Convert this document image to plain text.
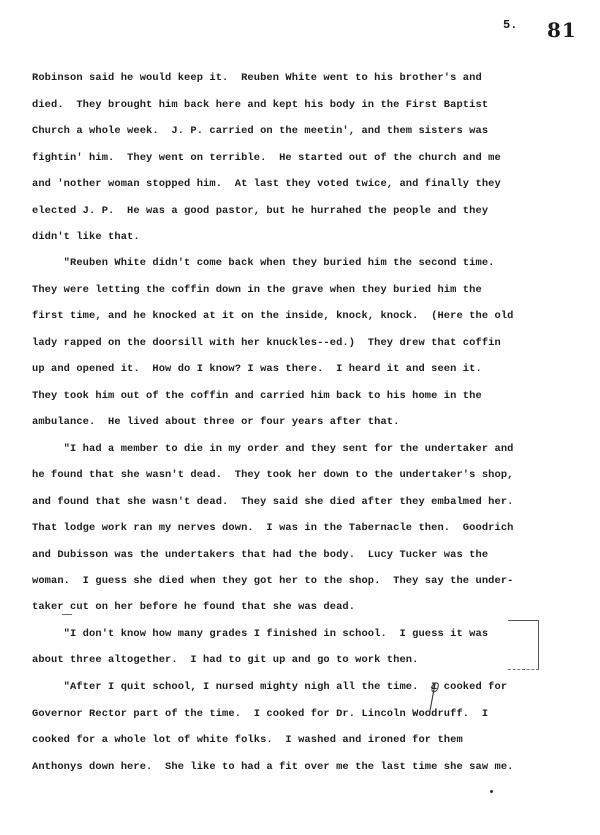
5. 81
Robinson said he would keep it.  Reuben White went to his brother's and
died.  They brought him back here and kept his body in the First Baptist
Church a whole week.  J. P. carried on the meetin', and them sisters was
fightin' him.  They went on terrible.  He started out of the church and me
and 'nother woman stopped him.  At last they voted twice, and finally they
elected J. P.  He was a good pastor, but he hurrahed the people and they
didn't like that.
"Reuben White didn't come back when they buried him the second time.
They were letting the coffin down in the grave when they buried him the
first time, and he knocked at it on the inside, knock, knock.  (Here the old
lady rapped on the doorsill with her knuckles--ed.)  They drew that coffin
up and opened it.  How do I know? I was there.  I heard it and seen it.
They took him out of the coffin and carried him back to his home in the
ambulance.  He lived about three or four years after that.
"I had a member to die in my order and they sent for the undertaker and
he found that she wasn't dead.  They took her down to the undertaker's shop,
and found that she wasn't dead.  They said she died after they embalmed her.
That lodge work ran my nerves down.  I was in the Tabernacle then.  Goodrich
and Dubisson was the undertakers that had the body.  Lucy Tucker was the
woman.  I guess she died when they got her to the shop.  They say the under-
taker cut on her before he found that she was dead.
"I don't know how many grades I finished in school.  I guess it was
about three altogether.  I had to git up and go to work then.
"After I quit school, I nursed mighty nigh all the time.  I cooked for
Governor Rector part of the time.  I cooked for Dr. Lincoln Woodruff.  I
cooked for a whole lot of white folks.  I washed and ironed for them
Anthonys down here.  She like to had a fit over me the last time she saw me.
